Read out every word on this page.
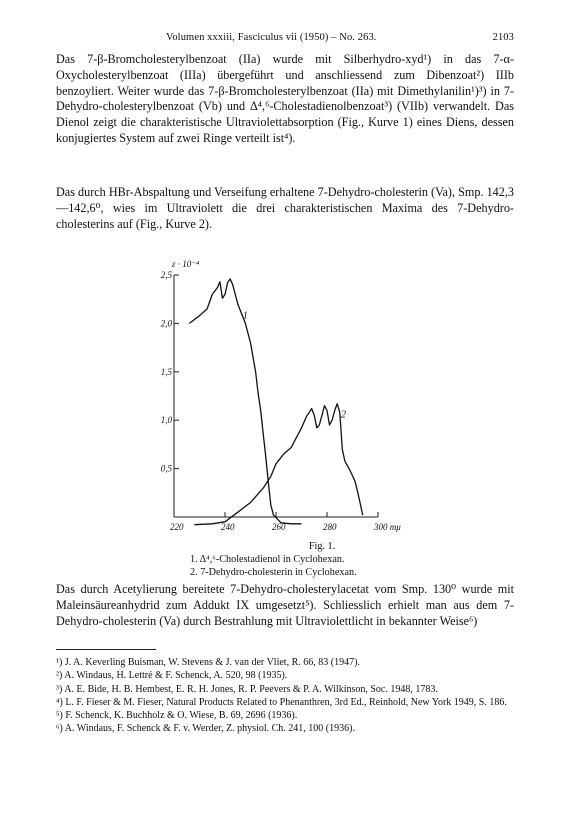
Volumen xxxiii, Fasciculus vii (1950) – No. 263.	2103
Das 7-β-Bromcholesterylbenzoat (IIa) wurde mit Silberhydro-xyd¹) in das 7-α-Oxycholesterylbenzoat (IIIa) übergeführt und anschliessend zum Dibenzoat²) IIIb benzoyliert. Weiter wurde das 7-β-Bromcholesterylbenzoat (IIa) mit Dimethylanilin¹)³) in 7-Dehydro-cholesterylbenzoat (Vb) und Δ⁴,⁶-Cholestadienolbenzoat³) (VIIb) verwandelt. Das Dienol zeigt die charakteristische Ultraviolettabsorption (Fig., Kurve 1) eines Diens, dessen konjugiertes System auf zwei Ringe verteilt ist⁴).
Das durch HBr-Abspaltung und Verseifung erhaltene 7-Dehydro-cholesterin (Va), Smp. 142,3—142,6⁰, wies im Ultraviolett die drei charakteristischen Maxima des 7-Dehydro-cholesterins auf (Fig., Kurve 2).
0,5
1,0
1,5
2,0
2,5
220	240	260	280	300 mμ
ε · 10⁻⁴
1
2
Fig. 1.
1. Δ⁴,⁶-Cholestadienol in Cyclohexan.
2. 7-Dehydro-cholesterin in Cyclohexan.
Das durch Acetylierung bereitete 7-Dehydro-cholesterylacetat vom Smp. 130⁰ wurde mit Maleinsäureanhydrid zum Addukt IX umgesetzt⁵). Schliesslich erhielt man aus dem 7-Dehydro-cholesterin (Va) durch Bestrahlung mit Ultraviolettlicht in bekannter Weise⁶)
¹) J. A. Keverling Buisman, W. Stevens & J. van der Vliet, R. 66, 83 (1947).
²) A. Windaus, H. Lettré & F. Schenck, A. 520, 98 (1935).
³) A. E. Bide, H. B. Hembest, E. R. H. Jones, R. P. Peevers & P. A. Wilkinson, Soc. 1948, 1783.
⁴) L. F. Fieser & M. Fieser, Natural Products Related to Phenanthren, 3rd Ed., Reinhold, New York 1949, S. 186.
⁵) F. Schenck, K. Buchholz & O. Wiese, B. 69, 2696 (1936).
⁶) A. Windaus, F. Schenck & F. v. Werder, Z. physiol. Ch. 241, 100 (1936).
